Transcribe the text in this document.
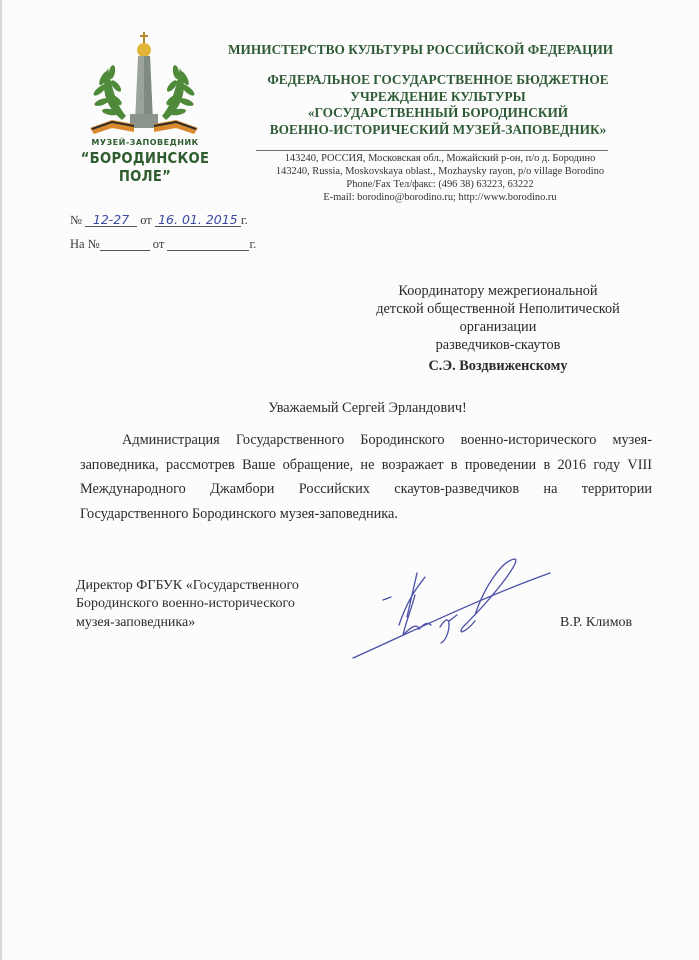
МУЗЕЙ-ЗАПОВЕДНИК
“БОРОДИНСКОЕ ПОЛЕ”
МИНИСТЕРСТВО КУЛЬТУРЫ РОССИЙСКОЙ ФЕДЕРАЦИИ
ФЕДЕРАЛЬНОЕ ГОСУДАРСТВЕННОЕ БЮДЖЕТНОЕ
УЧРЕЖДЕНИЕ КУЛЬТУРЫ
«ГОСУДАРСТВЕННЫЙ БОРОДИНСКИЙ
ВОЕННО-ИСТОРИЧЕСКИЙ МУЗЕЙ-ЗАПОВЕДНИК»
143240, РОССИЯ, Московская обл., Можайский р-он, п/о д. Бородино
143240, Russia, Moskovskaya oblast., Mozhaysky rayon, p/o village Borodino
Phone/Fax Тел/факс: (496 38) 63223, 63222
E-mail: borodino@borodino.ru; http://www.borodino.ru
№ 12-27 от 16. 01. 2015 г.
На №	от	г.
Координатору межрегиональной
детской общественной Неполитической
организации
разведчиков-скаутов
С.Э. Воздвиженскому
Уважаемый Сергей Эрландович!
Администрация Государственного Бородинского военно-исторического музея-заповедника, рассмотрев Ваше обращение, не возражает в проведении в 2016 году VIII Международного Джамбори Российских скаутов-разведчиков на территории Государственного Бородинского музея-заповедника.
Директор ФГБУК «Государственного
Бородинского военно-исторического
музея-заповедника»	В.Р. Климов
